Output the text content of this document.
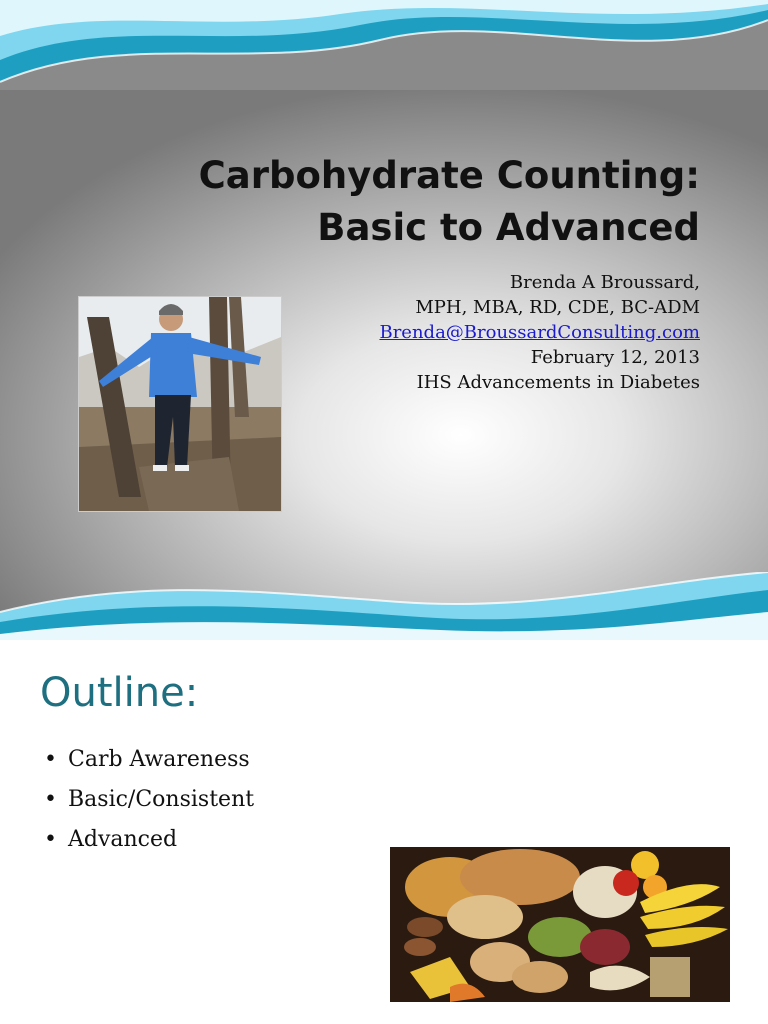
Carbohydrate Counting:
Basic to Advanced
Brenda A Broussard,
MPH, MBA, RD, CDE, BC-ADM
Brenda@BroussardConsulting.com
February 12, 2013
IHS Advancements in Diabetes
Outline:
• Carb Awareness
• Basic/Consistent
• Advanced
